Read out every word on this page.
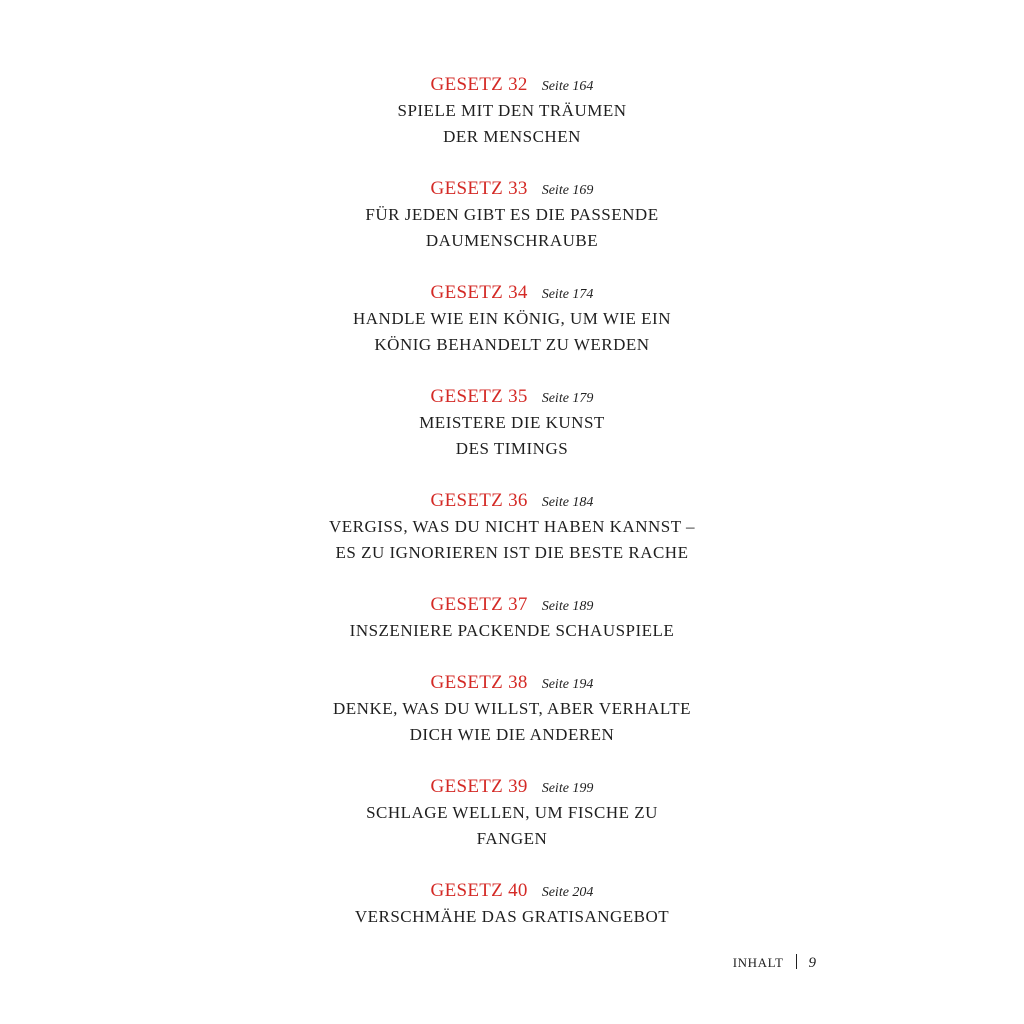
GESETZ 32 Seite 164
SPIELE MIT DEN TRÄUMEN
DER MENSCHEN
GESETZ 33 Seite 169
FÜR JEDEN GIBT ES DIE PASSENDE
DAUMENSCHRAUBE
GESETZ 34 Seite 174
HANDLE WIE EIN KÖNIG, UM WIE EIN
KÖNIG BEHANDELT ZU WERDEN
GESETZ 35 Seite 179
MEISTERE DIE KUNST
DES TIMINGS
GESETZ 36 Seite 184
VERGISS, WAS DU NICHT HABEN KANNST –
ES ZU IGNORIEREN IST DIE BESTE RACHE
GESETZ 37 Seite 189
INSZENIERE PACKENDE SCHAUSPIELE
GESETZ 38 Seite 194
DENKE, WAS DU WILLST, ABER VERHALTE
DICH WIE DIE ANDEREN
GESETZ 39 Seite 199
SCHLAGE WELLEN, UM FISCHE ZU
FANGEN
GESETZ 40 Seite 204
VERSCHMÄHE DAS GRATISANGEBOT
INHALT 9
